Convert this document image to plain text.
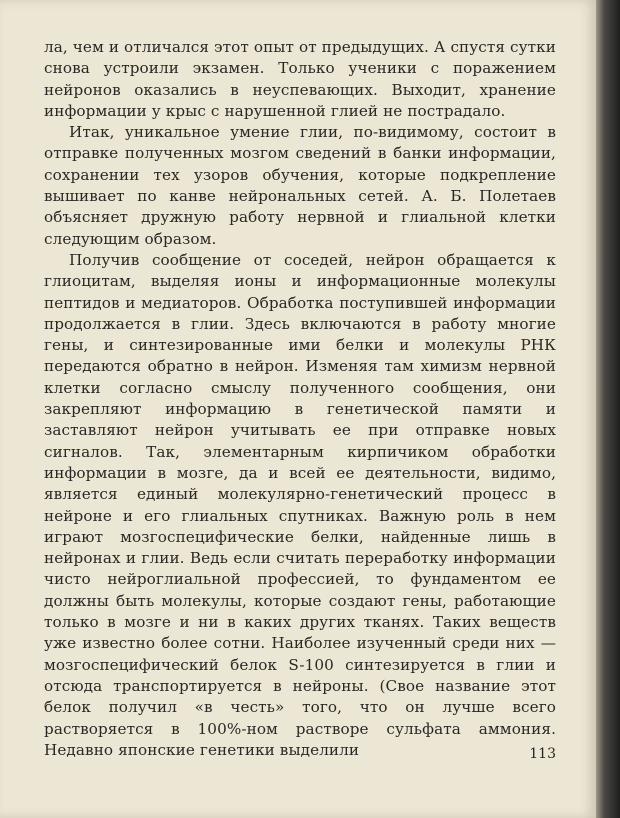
ла, чем и отличался этот опыт от предыдущих. А спустя сутки снова устроили экзамен. Только ученики с поражением нейронов оказались в неуспевающих. Выходит, хранение информации у крыс с нарушенной глией не пострадало.

Итак, уникальное умение глии, по-видимому, состоит в отправке полученных мозгом сведений в банки информации, сохранении тех узоров обучения, которые подкрепление вышивает по канве нейрональных сетей. А. Б. Полетаев объясняет дружную работу нервной и глиальной клетки следующим образом.

Получив сообщение от соседей, нейрон обращается к глиоцитам, выделяя ионы и информационные молекулы пептидов и медиаторов. Обработка поступившей информации продолжается в глии. Здесь включаются в работу многие гены, и синтезированные ими белки и молекулы РНК передаются обратно в нейрон. Изменяя там химизм нервной клетки согласно смыслу полученного сообщения, они закрепляют информацию в генетической памяти и заставляют нейрон учитывать ее при отправке новых сигналов. Так, элементарным кирпичиком обработки информации в мозге, да и всей ее деятельности, видимо, является единый молекулярно-генетический процесс в нейроне и его глиальных спутниках. Важную роль в нем играют мозгоспецифические белки, найденные лишь в нейронах и глии. Ведь если считать переработку информации чисто нейроглиальной профессией, то фундаментом ее должны быть молекулы, которые создают гены, работающие только в мозге и ни в каких других тканях. Таких веществ уже известно более сотни. Наиболее изученный среди них — мозгоспецифический белок S-100 синтезируется в глии и отсюда транспортируется в нейроны. (Свое название этот белок получил «в честь» того, что он лучше всего растворяется в 100%-ном растворе сульфата аммония. Недавно японские генетики выделили	113
